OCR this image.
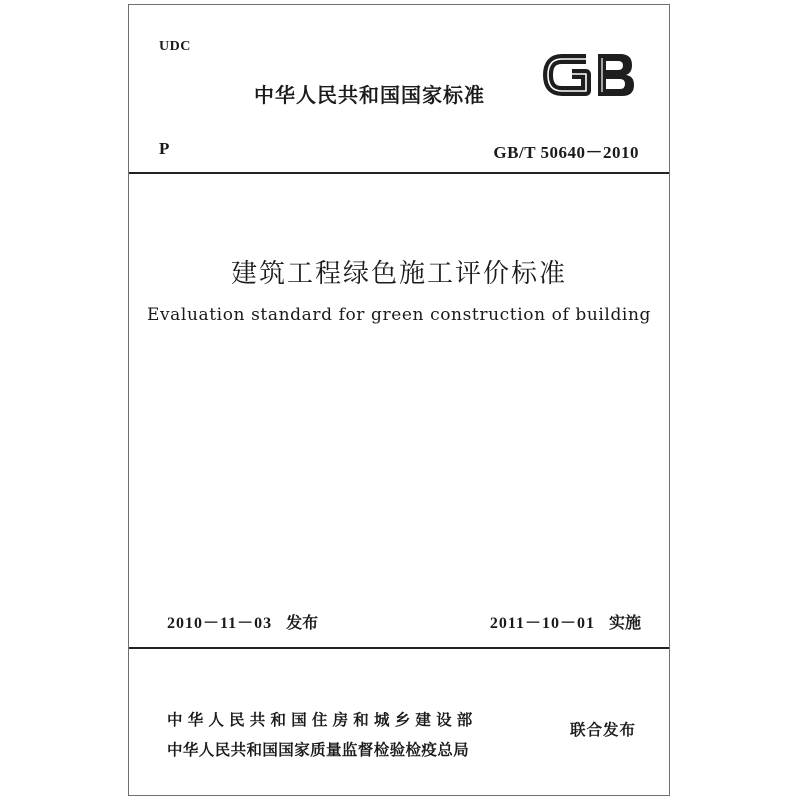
UDC
中华人民共和国国家标准
P	GB/T 50640－2010
建筑工程绿色施工评价标准
Evaluation standard for green construction of building
2010－11－03 发布	2011－10－01 实施
中华人民共和国住房和城乡建设部
中华人民共和国国家质量监督检验检疫总局
联合发布
